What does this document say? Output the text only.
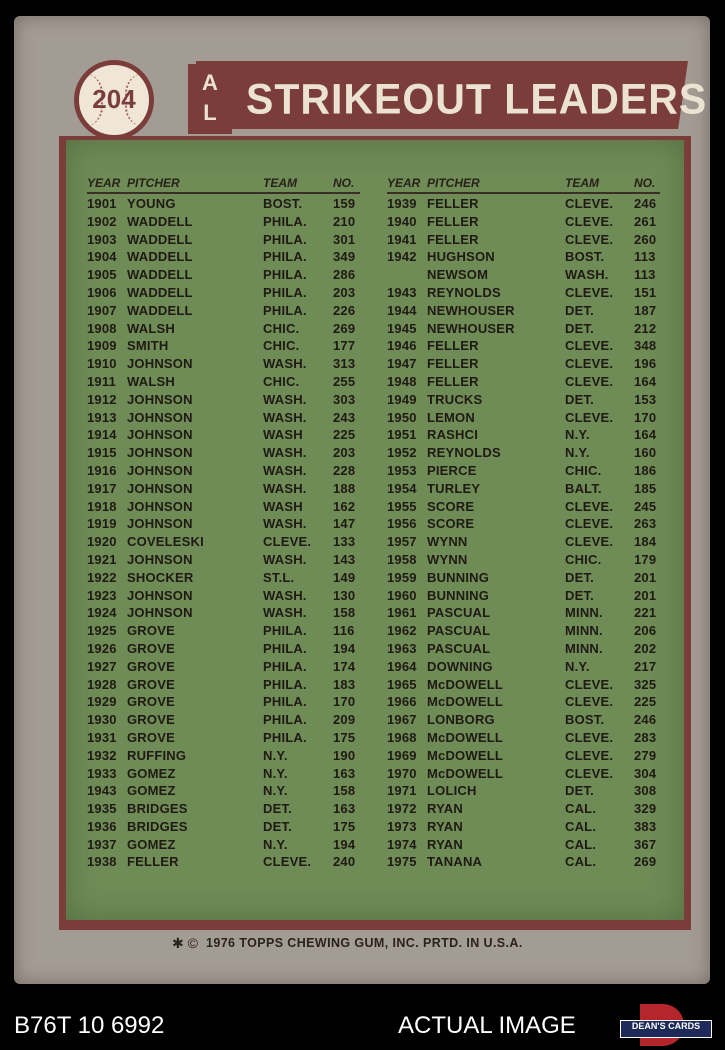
A
L STRIKEOUT LEADERS
204
YEAR PITCHER	TEAM	NO.
1901 YOUNG	BOST. 159
1902 WADDELL	PHILA. 210
1903 WADDELL	PHILA. 301
1904 WADDELL	PHILA. 349
1905 WADDELL	PHILA. 286
1906 WADDELL	PHILA. 203
1907 WADDELL	PHILA. 226
1908 WALSH	CHIC.	269
1909 SMITH	CHIC.	177
1910 JOHNSON	WASH. 313
1911 WALSH	CHIC.	255
1912 JOHNSON	WASH. 303
1913 JOHNSON	WASH. 243
1914 JOHNSON	WASH 225
1915 JOHNSON	WASH. 203
1916 JOHNSON	WASH. 228
1917 JOHNSON	WASH. 188
1918 JOHNSON	WASH 162
1919 JOHNSON	WASH. 147
1920 COVELESKI	CLEVE. 133
1921 JOHNSON	WASH. 143
1922 SHOCKER	ST.L.	149
1923 JOHNSON	WASH. 130
1924 JOHNSON	WASH. 158
1925 GROVE	PHILA. 116
1926 GROVE	PHILA. 194
1927 GROVE	PHILA. 174
1928 GROVE	PHILA. 183
1929 GROVE	PHILA. 170
1930 GROVE	PHILA. 209
1931 GROVE	PHILA. 175
1932 RUFFING	N.Y.	190
1933 GOMEZ	N.Y.	163
1943 GOMEZ	N.Y.	158
1935 BRIDGES	DET.	163
1936 BRIDGES	DET.	175
1937 GOMEZ	N.Y.	194
1938 FELLER	CLEVE. 240
YEAR PITCHER	TEAM	NO.
1939 FELLER	CLEVE. 246
1940 FELLER	CLEVE. 261
1941 FELLER	CLEVE. 260
1942 HUGHSON	BOST. 113
NEWSOM	WASH. 113
1943 REYNOLDS	CLEVE. 151
1944 NEWHOUSER	DET.	187
1945 NEWHOUSER	DET.	212
1946 FELLER	CLEVE. 348
1947 FELLER	CLEVE. 196
1948 FELLER	CLEVE. 164
1949 TRUCKS	DET.	153
1950 LEMON	CLEVE. 170
1951 RASHCI	N.Y.	164
1952 REYNOLDS	N.Y.	160
1953 PIERCE	CHIC.	186
1954 TURLEY	BALT. 185
1955 SCORE	CLEVE. 245
1956 SCORE	CLEVE. 263
1957 WYNN	CLEVE. 184
1958 WYNN	CHIC.	179
1959 BUNNING	DET.	201
1960 BUNNING	DET.	201
1961 PASCUAL	MINN. 221
1962 PASCUAL	MINN. 206
1963 PASCUAL	MINN. 202
1964 DOWNING	N.Y.	217
1965 McDOWELL	CLEVE. 325
1966 McDOWELL	CLEVE. 225
1967 LONBORG	BOST. 246
1968 McDOWELL	CLEVE. 283
1969 McDOWELL	CLEVE. 279
1970 McDOWELL	CLEVE. 304
1971 LOLICH	DET.	308
1972 RYAN	CAL.	329
1973 RYAN	CAL.	383
1974 RYAN	CAL.	367
1975 TANANA	CAL.	269
✱ © 1976 TOPPS CHEWING GUM, INC. PRTD. IN U.S.A.
B76T 10 6992	ACTUAL IMAGE	DEAN'S CARDS
